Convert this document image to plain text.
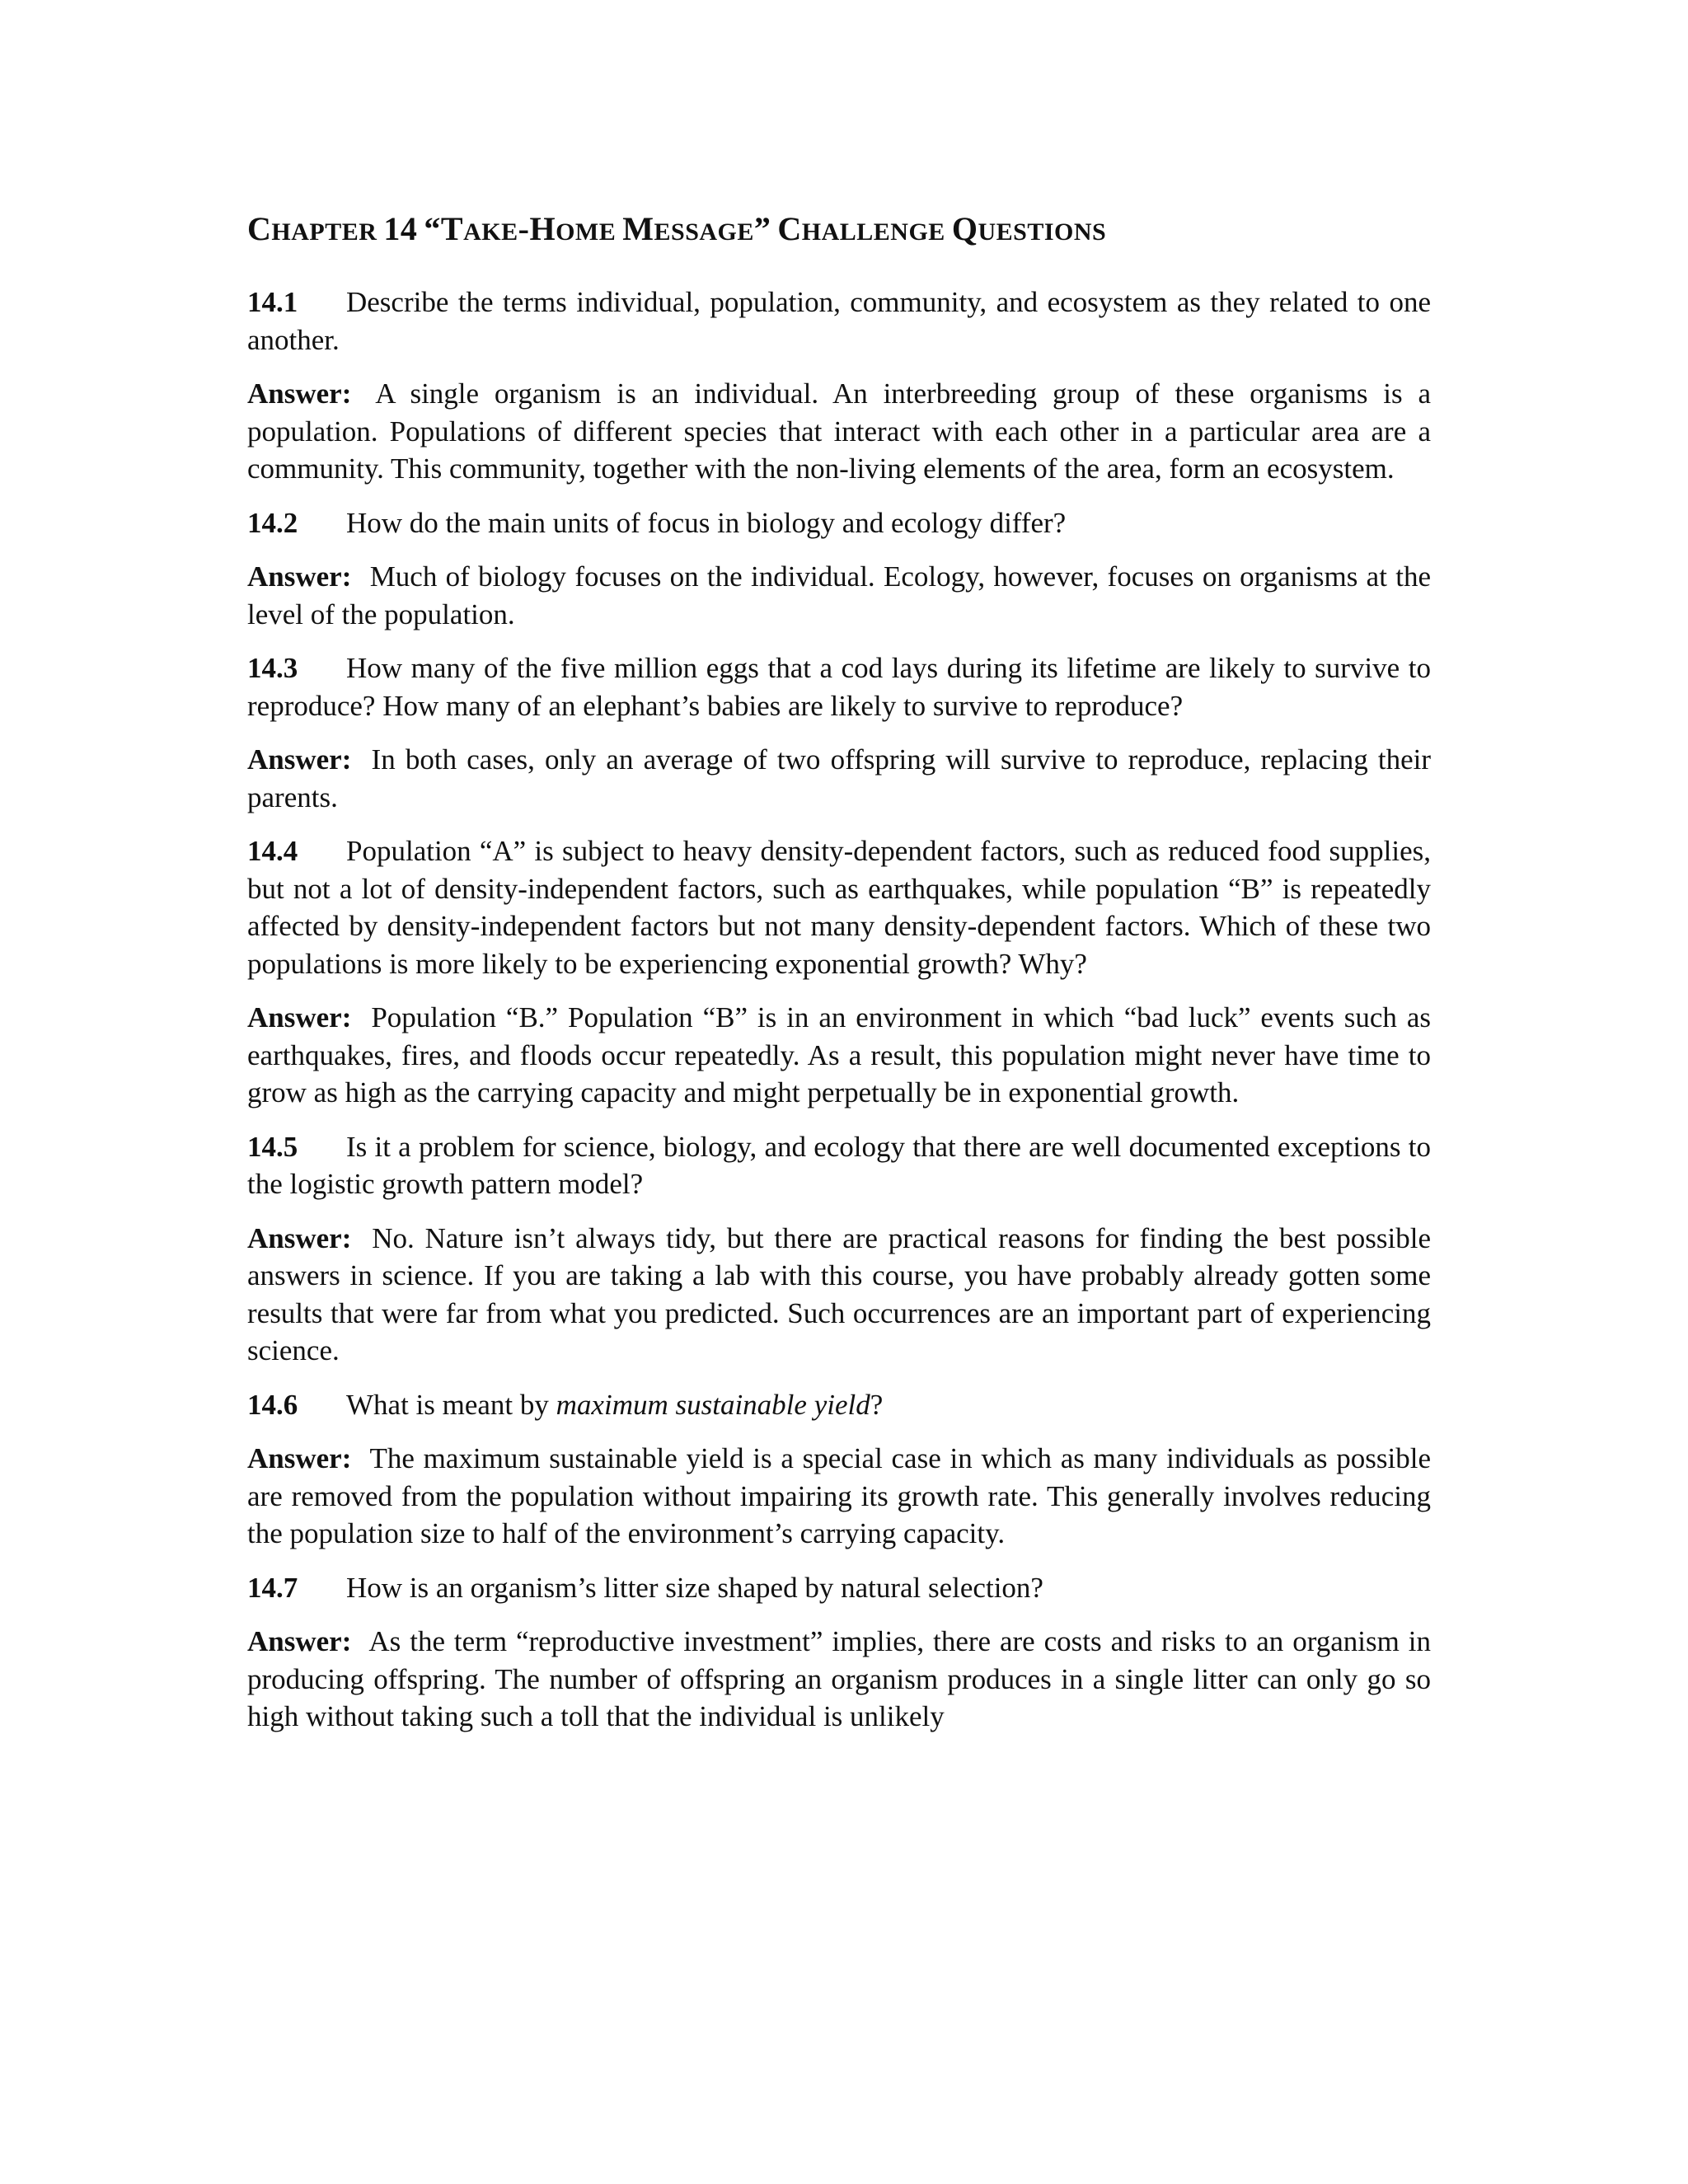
CHAPTER 14 “TAKE-HOME MESSAGE” CHALLENGE QUESTIONS

14.1 Describe the terms individual, population, community, and ecosystem as they related to one another.

Answer: A single organism is an individual. An interbreeding group of these organisms is a population. Populations of different species that interact with each other in a particular area are a community. This community, together with the non-living elements of the area, form an ecosystem.

14.2 How do the main units of focus in biology and ecology differ?

Answer: Much of biology focuses on the individual. Ecology, however, focuses on organisms at the level of the population.

14.3 How many of the five million eggs that a cod lays during its lifetime are likely to survive to reproduce? How many of an elephant’s babies are likely to survive to reproduce?

Answer: In both cases, only an average of two offspring will survive to reproduce, replacing their parents.

14.4 Population “A” is subject to heavy density-dependent factors, such as reduced food supplies, but not a lot of density-independent factors, such as earthquakes, while population “B” is repeatedly affected by density-independent factors but not many density-dependent factors. Which of these two populations is more likely to be experiencing exponential growth? Why?

Answer: Population “B.” Population “B” is in an environment in which “bad luck” events such as earthquakes, fires, and floods occur repeatedly. As a result, this population might never have time to grow as high as the carrying capacity and might perpetually be in exponential growth.

14.5 Is it a problem for science, biology, and ecology that there are well documented exceptions to the logistic growth pattern model?

Answer: No. Nature isn’t always tidy, but there are practical reasons for finding the best possible answers in science. If you are taking a lab with this course, you have probably already gotten some results that were far from what you predicted. Such occurrences are an important part of experiencing science.

14.6 What is meant by maximum sustainable yield?

Answer: The maximum sustainable yield is a special case in which as many individuals as possible are removed from the population without impairing its growth rate. This generally involves reducing the population size to half of the environment’s carrying capacity.

14.7 How is an organism’s litter size shaped by natural selection?

Answer: As the term “reproductive investment” implies, there are costs and risks to an organism in producing offspring. The number of offspring an organism produces in a single litter can only go so high without taking such a toll that the individual is unlikely
